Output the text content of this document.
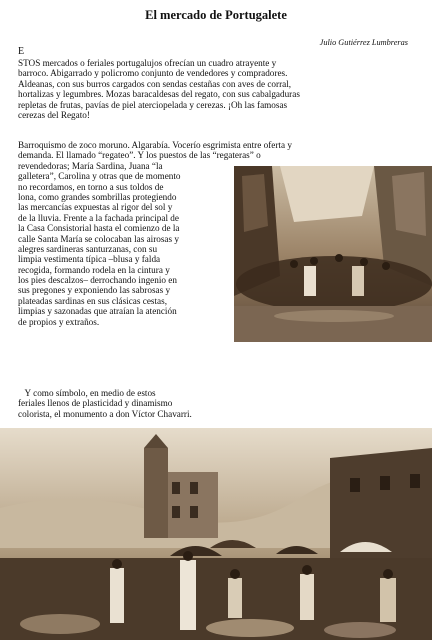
El mercado de Portugalete
Julio Gutiérrez Lumbreras
E
STOS mercados o feriales portugalujos ofrecían un cuadro atrayente y
barroco. Abigarrado y policromo conjunto de vendedores y compradores.
Aldeanas, con sus burros cargados con sendas cestañas con aves de corral,
hortalizas y legumbres. Mozas baracaldesas del regato, con sus cabalgaduras
repletas de frutas, pavías de piel aterciopelada y cerezas. ¡Oh las famosas
cerezas del Regato!
Barroquismo de zoco moruno. Algarabía. Vocerío esgrimista entre oferta y
demanda. El llamado “regateo”. Y los puestos de las “regateras” o
revendedoras; María Sardina, Juana “la
galletera”, Carolina y otras que de momento
no recordamos, en torno a sus toldos de
lona, como grandes sombrillas protegiendo
las mercancías expuestas al rigor del sol y
de la lluvia. Frente a la fachada principal de
la Casa Consistorial hasta el comienzo de la
calle Santa María se colocaban las airosas y
alegres sardineras santurzanas, con su
limpia vestimenta típica –blusa y falda
recogida, formando rodela en la cintura y
los pies descalzos– derrochando ingenio en
sus pregones y exponiendo las sabrosas y
plateadas sardinas en sus clásicas cestas,
limpias y sazonadas que atraían la atención
de propios y extraños.
Y como símbolo, en medio de estos
feriales llenos de plasticidad y dinamismo
colorista, el monumento a don Víctor Chavarri.
